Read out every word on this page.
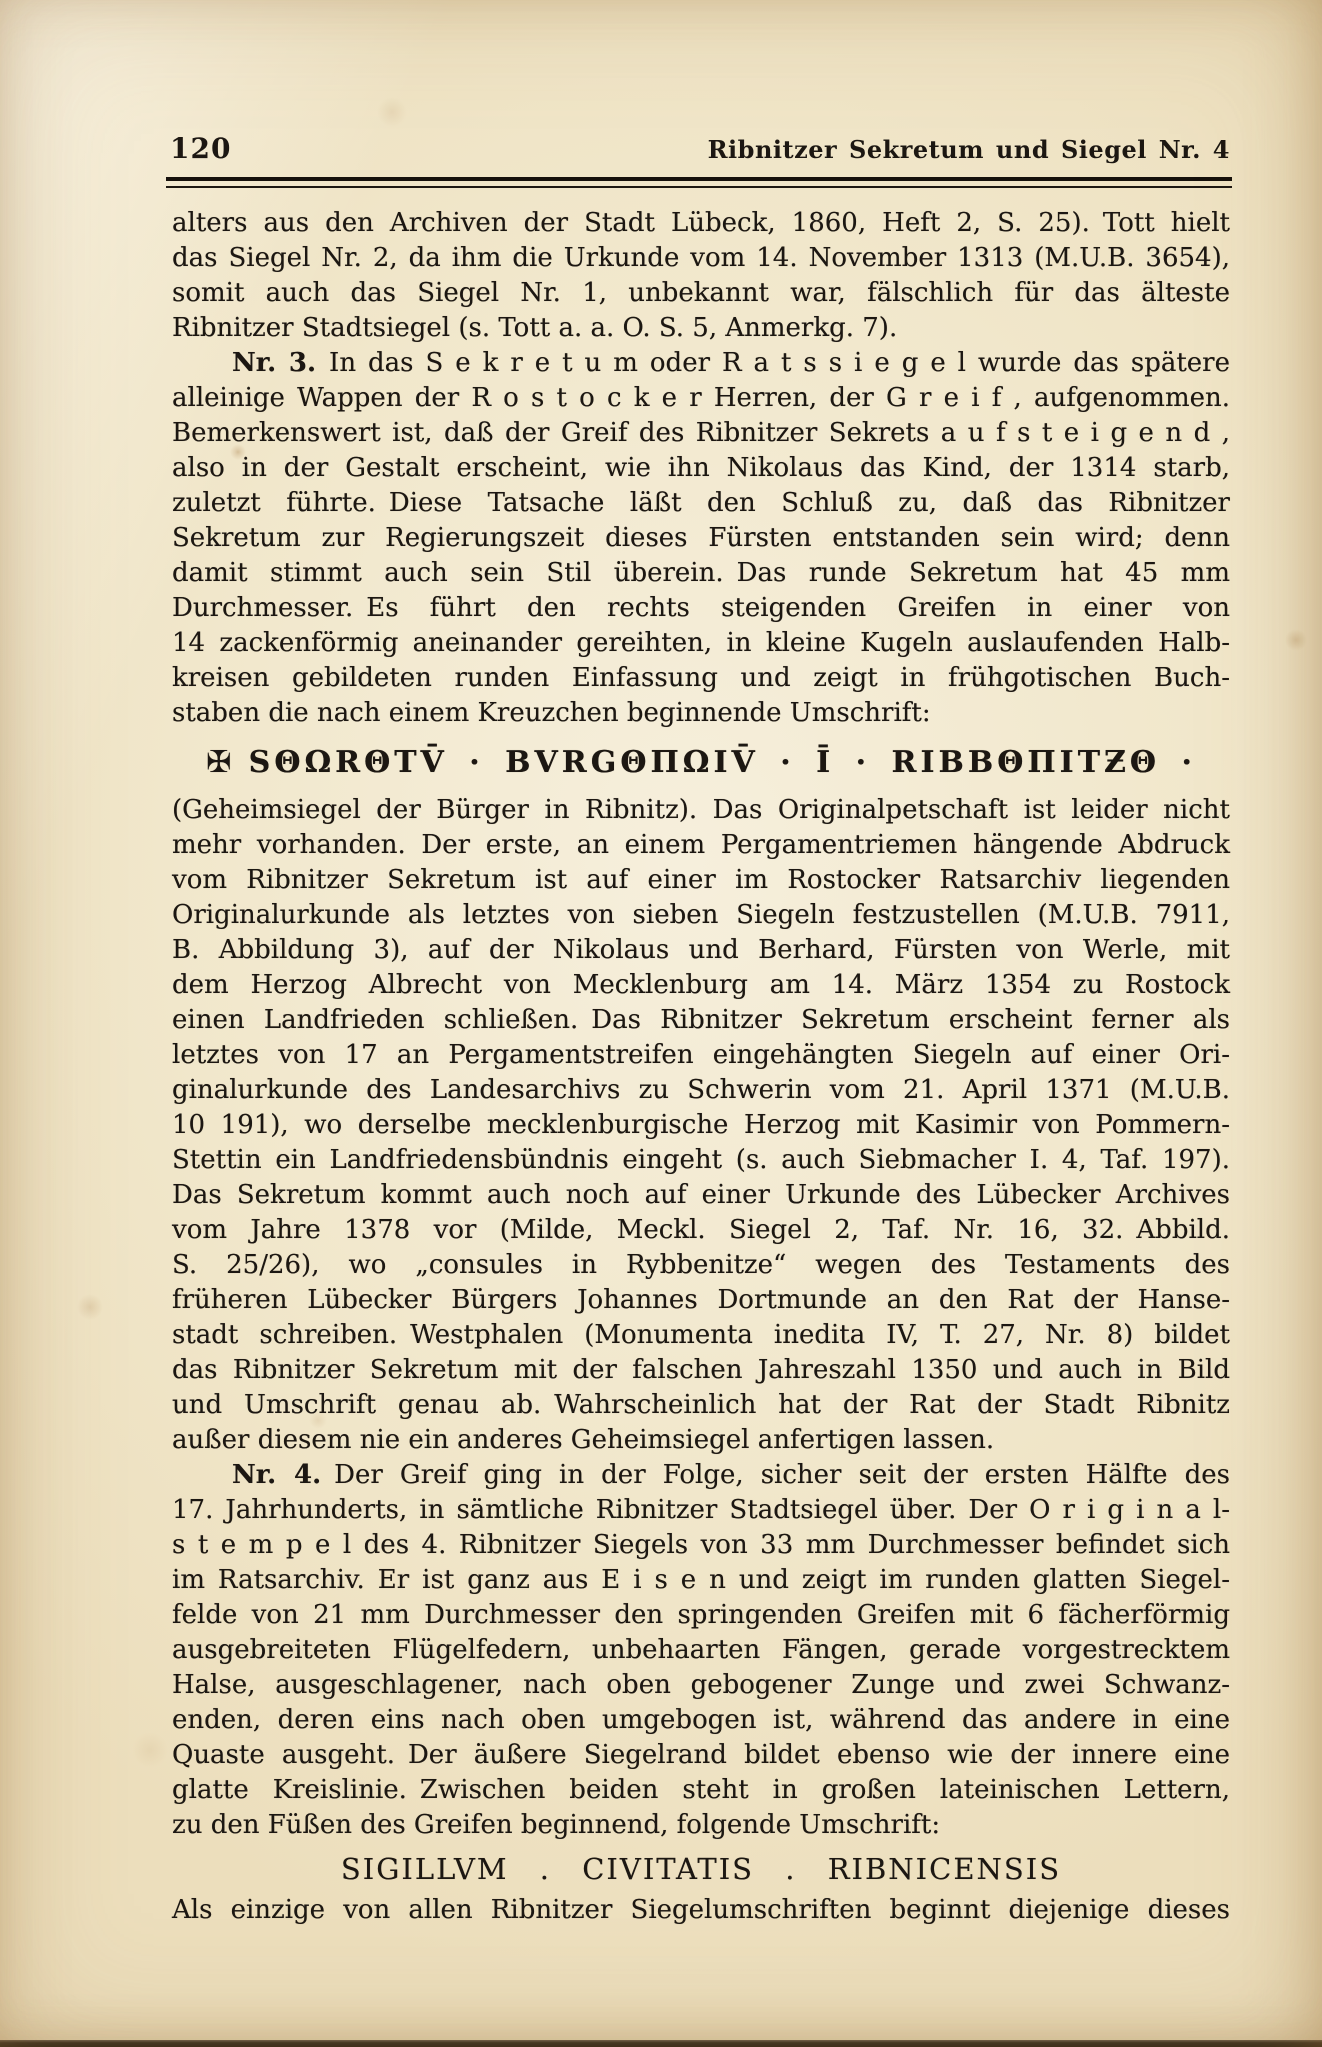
120	Ribnitzer Sekretum und Siegel Nr. 4
alters aus den Archiven der Stadt Lübeck, 1860, Heft 2, S. 25). Tott hielt
das Siegel Nr. 2, da ihm die Urkunde vom 14. November 1313 (M.U.B. 3654),
somit auch das Siegel Nr. 1, unbekannt war, fälschlich für das älteste
Ribnitzer Stadtsiegel (s. Tott a. a. O. S. 5, Anmerkg. 7).
Nr. 3. In das S e k r e t u m oder R a t s s i e g e l wurde das spätere
alleinige Wappen der R o s t o c k e r Herren, der G r e i f , aufgenommen.
Bemerkenswert ist, daß der Greif des Ribnitzer Sekrets a u f s t e i g e n d ,
also in der Gestalt erscheint, wie ihn Nikolaus das Kind, der 1314 starb,
zuletzt führte. Diese Tatsache läßt den Schluß zu, daß das Ribnitzer
Sekretum zur Regierungszeit dieses Fürsten entstanden sein wird; denn
damit stimmt auch sein Stil überein. Das runde Sekretum hat 45 mm
Durchmesser. Es führt den rechts steigenden Greifen in einer von
14 zackenförmig aneinander gereihten, in kleine Kugeln auslaufenden Halb-
kreisen gebildeten runden Einfassung und zeigt in frühgotischen Buch-
staben die nach einem Kreuzchen beginnende Umschrift:
✠ SΘΩRΘΤV̄ · BVRGΘΠΩIV̄ · Ī · RIBBΘΠIΤƵΘ ·
(Geheimsiegel der Bürger in Ribnitz). Das Originalpetschaft ist leider nicht
mehr vorhanden. Der erste, an einem Pergamentriemen hängende Abdruck
vom Ribnitzer Sekretum ist auf einer im Rostocker Ratsarchiv liegenden
Originalurkunde als letztes von sieben Siegeln festzustellen (M.U.B. 7911,
B. Abbildung 3), auf der Nikolaus und Berhard, Fürsten von Werle, mit
dem Herzog Albrecht von Mecklenburg am 14. März 1354 zu Rostock
einen Landfrieden schließen. Das Ribnitzer Sekretum erscheint ferner als
letztes von 17 an Pergamentstreifen eingehängten Siegeln auf einer Ori-
ginalurkunde des Landesarchivs zu Schwerin vom 21. April 1371 (M.U.B.
10 191), wo derselbe mecklenburgische Herzog mit Kasimir von Pommern-
Stettin ein Landfriedensbündnis eingeht (s. auch Siebmacher I. 4, Taf. 197).
Das Sekretum kommt auch noch auf einer Urkunde des Lübecker Archives
vom Jahre 1378 vor (Milde, Meckl. Siegel 2, Taf. Nr. 16, 32. Abbild.
S. 25/26), wo „consules in Rybbenitze“ wegen des Testaments des
früheren Lübecker Bürgers Johannes Dortmunde an den Rat der Hanse-
stadt schreiben. Westphalen (Monumenta inedita IV, T. 27, Nr. 8) bildet
das Ribnitzer Sekretum mit der falschen Jahreszahl 1350 und auch in Bild
und Umschrift genau ab. Wahrscheinlich hat der Rat der Stadt Ribnitz
außer diesem nie ein anderes Geheimsiegel anfertigen lassen.
Nr. 4. Der Greif ging in der Folge, sicher seit der ersten Hälfte des
17. Jahrhunderts, in sämtliche Ribnitzer Stadtsiegel über. Der O r i g i n a l-
s t e m p e l des 4. Ribnitzer Siegels von 33 mm Durchmesser befindet sich
im Ratsarchiv. Er ist ganz aus E i s e n und zeigt im runden glatten Siegel-
felde von 21 mm Durchmesser den springenden Greifen mit 6 fächerförmig
ausgebreiteten Flügelfedern, unbehaarten Fängen, gerade vorgestrecktem
Halse, ausgeschlagener, nach oben gebogener Zunge und zwei Schwanz-
enden, deren eins nach oben umgebogen ist, während das andere in eine
Quaste ausgeht. Der äußere Siegelrand bildet ebenso wie der innere eine
glatte Kreislinie. Zwischen beiden steht in großen lateinischen Lettern,
zu den Füßen des Greifen beginnend, folgende Umschrift:
SIGILLVM . CIVITATIS . RIBNICENSIS
Als einzige von allen Ribnitzer Siegelumschriften beginnt diejenige dieses
